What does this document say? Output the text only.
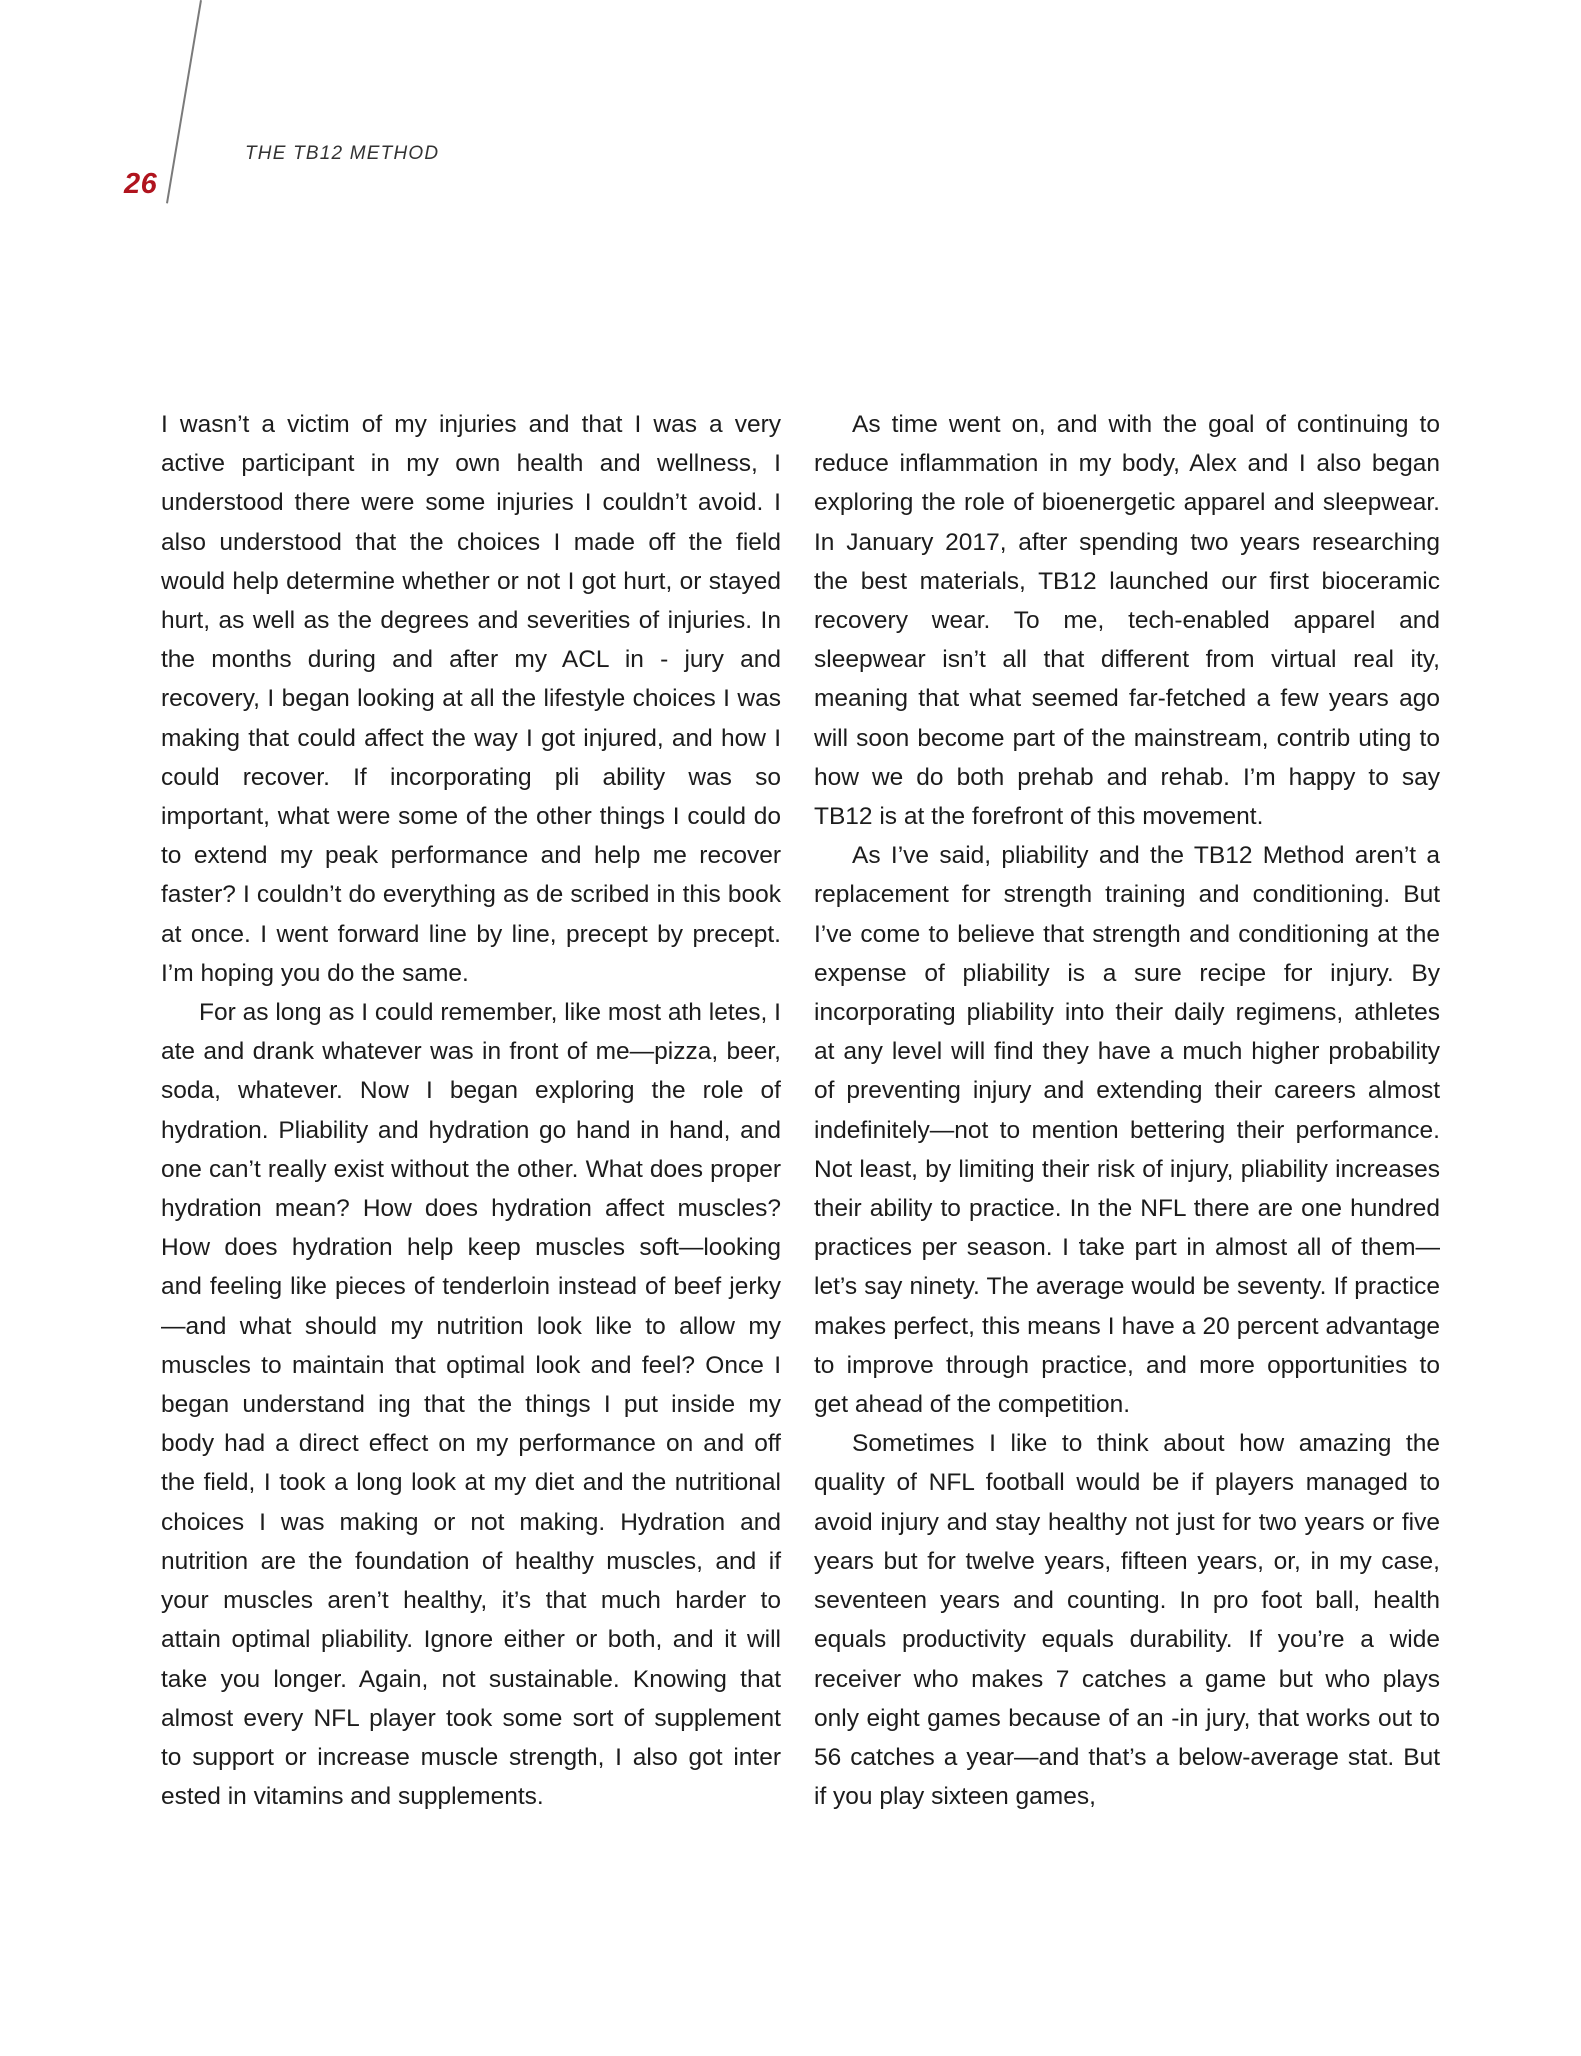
26
THE TB12 METHOD

I wasn’t a victim of my injuries and that I was a very active participant in my own health and wellness, I understood there were some injuries I couldn’t avoid. I also understood that the choices I made off the field would help determine whether or not I got hurt, or stayed hurt, as well as the degrees and severities of injuries. In the months during and after my ACL in - jury and recovery, I began looking at all the lifestyle choices I was making that could affect the way I got injured, and how I could recover. If incorporating pli ability was so important, what were some of the other things I could do to extend my peak performance and help me recover faster? I couldn’t do everything as de scribed in this book at once. I went forward line by line, precept by precept. I’m hoping you do the same.

For as long as I could remember, like most ath letes, I ate and drank whatever was in front of me—pizza, beer, soda, whatever. Now I began exploring the role of hydration. Pliability and hydration go hand in hand, and one can’t really exist without the other. What does proper hydration mean? How does hydration affect muscles? How does hydration help keep muscles soft—looking and feeling like pieces of tenderloin instead of beef jerky—and what should my nutrition look like to allow my muscles to maintain that optimal look and feel? Once I began understand ing that the things I put inside my body had a direct effect on my performance on and off the field, I took a long look at my diet and the nutritional choices I was making or not making. Hydration and nutrition are the foundation of healthy muscles, and if your muscles aren’t healthy, it’s that much harder to attain optimal pliability. Ignore either or both, and it will take you longer. Again, not sustainable. Knowing that almost every NFL player took some sort of supplement to support or increase muscle strength, I also got inter ested in vitamins and supplements.

As time went on, and with the goal of continuing to reduce inflammation in my body, Alex and I also began exploring the role of bioenergetic apparel and sleepwear. In January 2017, after spending two years researching the best materials, TB12 launched our first bioceramic recovery wear. To me, tech-enabled apparel and sleepwear isn’t all that different from virtual real ity, meaning that what seemed far-fetched a few years ago will soon become part of the mainstream, contrib uting to how we do both prehab and rehab. I’m happy to say TB12 is at the forefront of this movement.

As I’ve said, pliability and the TB12 Method aren’t a replacement for strength training and conditioning. But I’ve come to believe that strength and conditioning at the expense of pliability is a sure recipe for injury. By incorporating pliability into their daily regimens, athletes at any level will find they have a much higher probability of preventing injury and extending their careers almost indefinitely—not to mention bettering their performance. Not least, by limiting their risk of injury, pliability increases their ability to practice. In the NFL there are one hundred practices per season. I take part in almost all of them—let’s say ninety. The average would be seventy. If practice makes perfect, this means I have a 20 percent advantage to improve through practice, and more opportunities to get ahead of the competition.

Sometimes I like to think about how amazing the quality of NFL football would be if players managed to avoid injury and stay healthy not just for two years or five years but for twelve years, fifteen years, or, in my case, seventeen years and counting. In pro foot ball, health equals productivity equals durability. If you’re a wide receiver who makes 7 catches a game but who plays only eight games because of an -in jury, that works out to 56 catches a year—and that’s a below-average stat. But if you play sixteen games,
